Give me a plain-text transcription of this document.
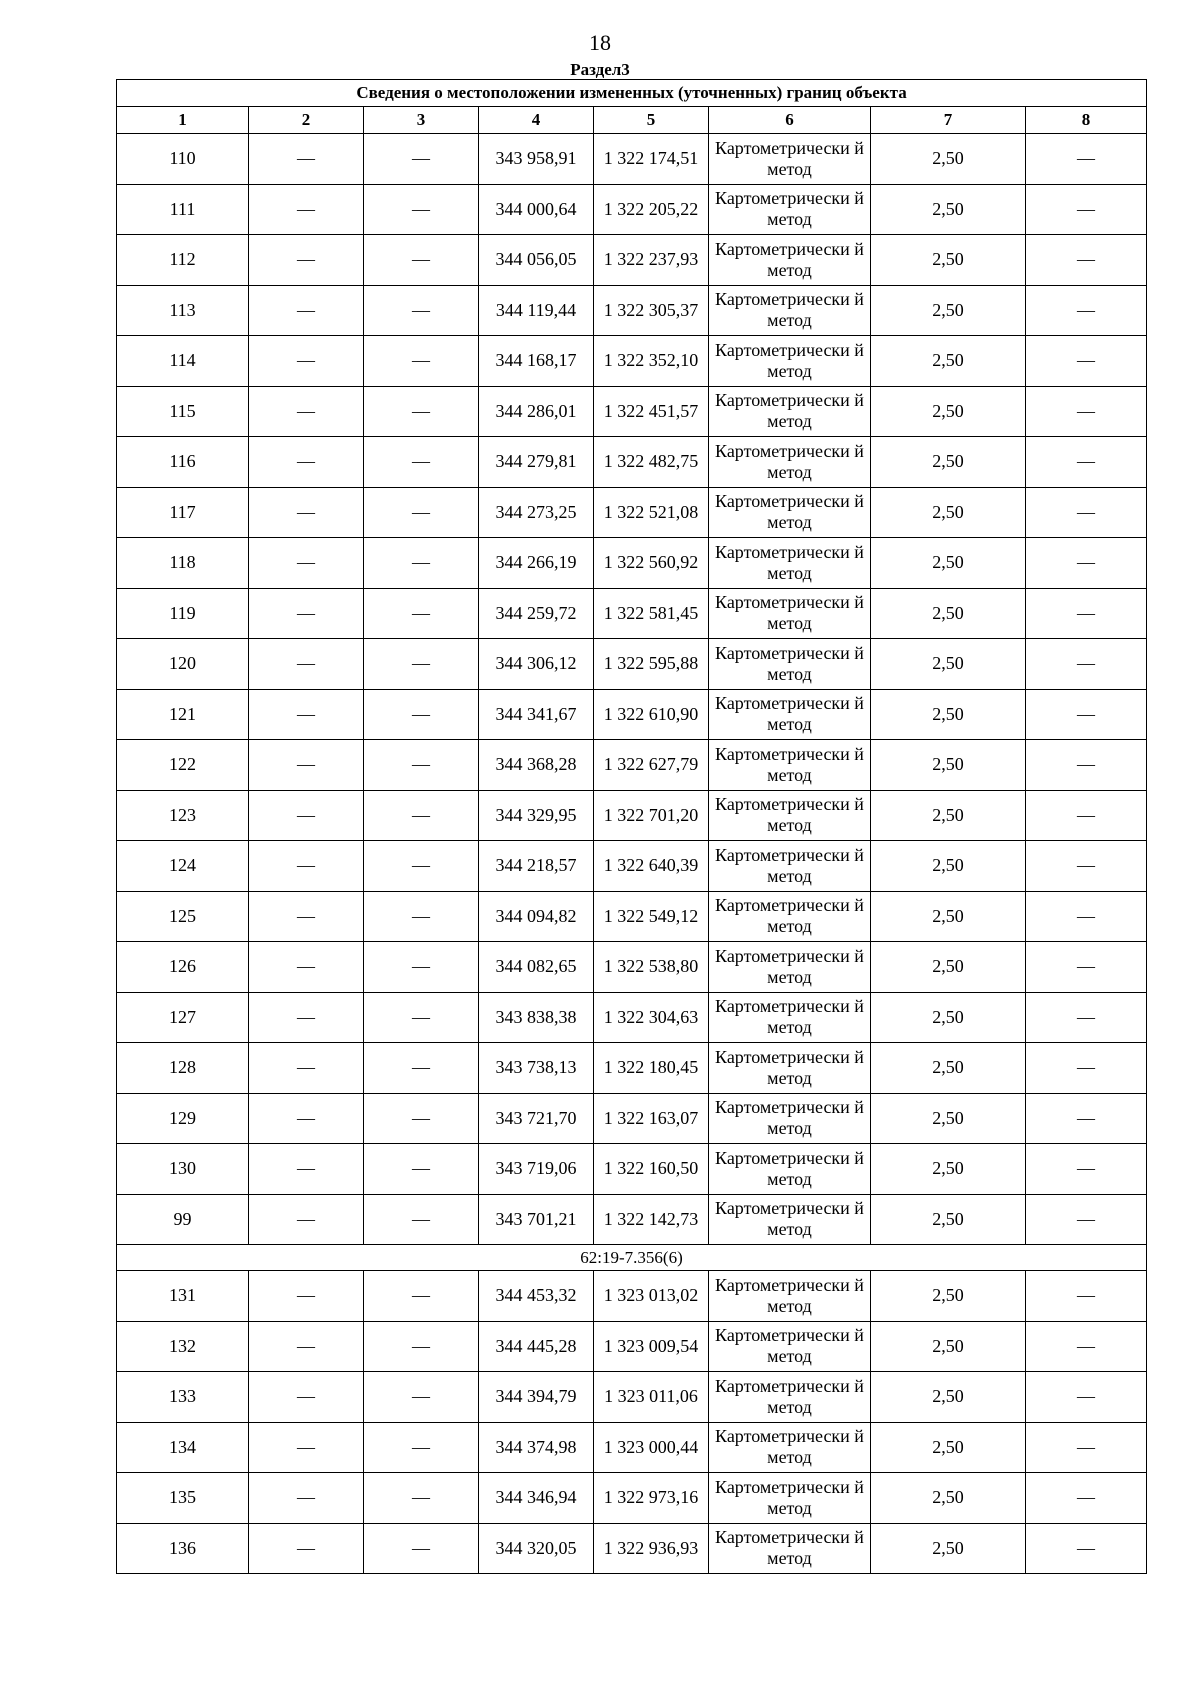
18
Раздел3
Сведения о местоположении измененных (уточненных) границ объекта							
1	2	3	4	5	6	7	8
110	—	—	343 958,91	1 322 174,51	Картометрически й метод	2,50	—
111	—	—	344 000,64	1 322 205,22	Картометрически й метод	2,50	—
112	—	—	344 056,05	1 322 237,93	Картометрически й метод	2,50	—
113	—	—	344 119,44	1 322 305,37	Картометрически й метод	2,50	—
114	—	—	344 168,17	1 322 352,10	Картометрически й метод	2,50	—
115	—	—	344 286,01	1 322 451,57	Картометрически й метод	2,50	—
116	—	—	344 279,81	1 322 482,75	Картометрически й метод	2,50	—
117	—	—	344 273,25	1 322 521,08	Картометрически й метод	2,50	—
118	—	—	344 266,19	1 322 560,92	Картометрически й метод	2,50	—
119	—	—	344 259,72	1 322 581,45	Картометрически й метод	2,50	—
120	—	—	344 306,12	1 322 595,88	Картометрически й метод	2,50	—
121	—	—	344 341,67	1 322 610,90	Картометрически й метод	2,50	—
122	—	—	344 368,28	1 322 627,79	Картометрически й метод	2,50	—
123	—	—	344 329,95	1 322 701,20	Картометрически й метод	2,50	—
124	—	—	344 218,57	1 322 640,39	Картометрически й метод	2,50	—
125	—	—	344 094,82	1 322 549,12	Картометрически й метод	2,50	—
126	—	—	344 082,65	1 322 538,80	Картометрически й метод	2,50	—
127	—	—	343 838,38	1 322 304,63	Картометрически й метод	2,50	—
128	—	—	343 738,13	1 322 180,45	Картометрически й метод	2,50	—
129	—	—	343 721,70	1 322 163,07	Картометрически й метод	2,50	—
130	—	—	343 719,06	1 322 160,50	Картометрически й метод	2,50	—
99	—	—	343 701,21	1 322 142,73	Картометрически й метод	2,50	—
62:19-7.356(6)							
131	—	—	344 453,32	1 323 013,02	Картометрически й метод	2,50	—
132	—	—	344 445,28	1 323 009,54	Картометрически й метод	2,50	—
133	—	—	344 394,79	1 323 011,06	Картометрически й метод	2,50	—
134	—	—	344 374,98	1 323 000,44	Картометрически й метод	2,50	—
135	—	—	344 346,94	1 322 973,16	Картометрически й метод	2,50	—
136	—	—	344 320,05	1 322 936,93	Картометрически й метод	2,50	—
